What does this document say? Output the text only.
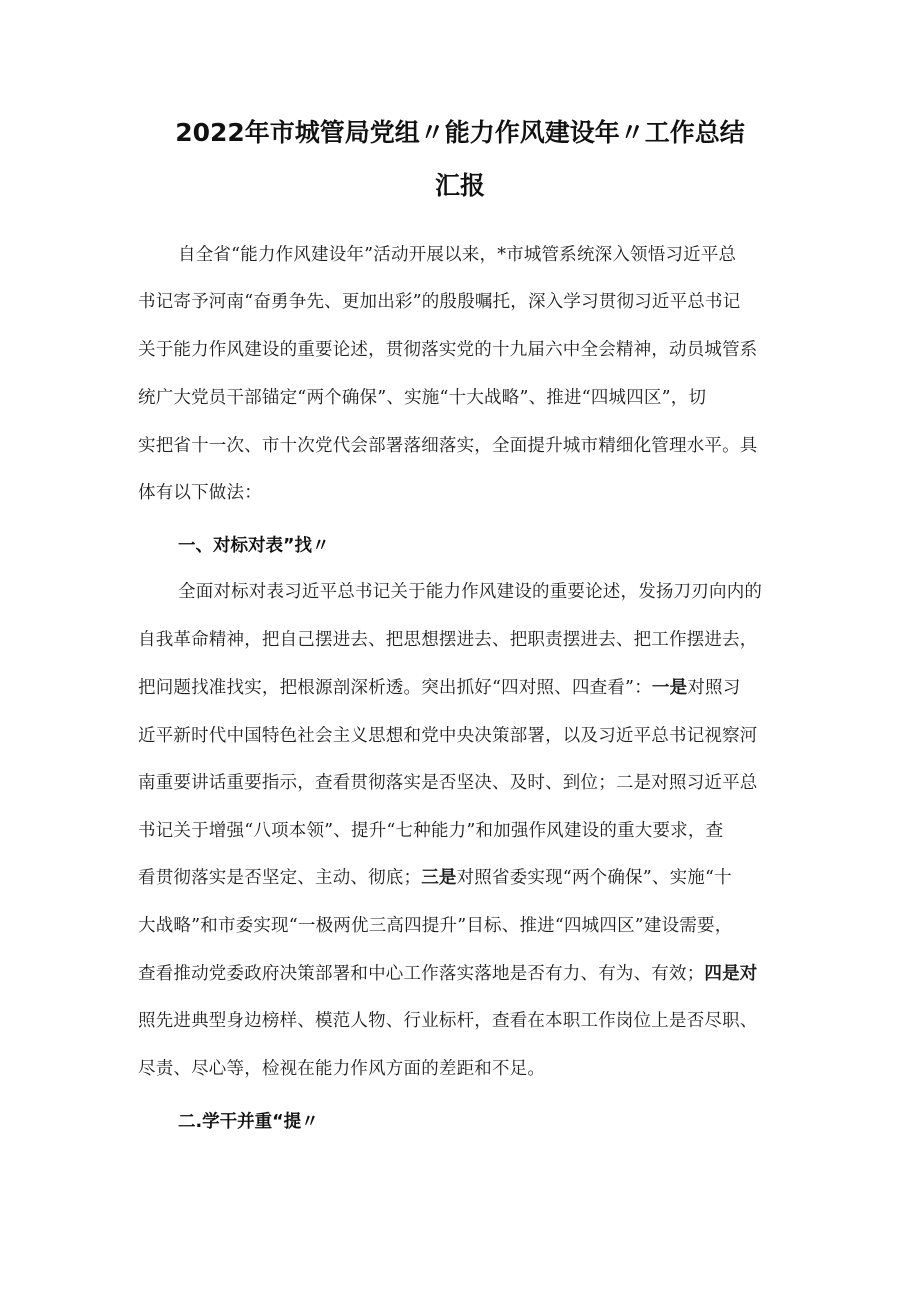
2022年市城管局党组〃能力作风建设年〃工作总结
汇报
自全省“能力作风建设年”活动开展以来，*市城管系统深入领悟习近平总
书记寄予河南“奋勇争先、更加出彩”的殷殷嘱托，深入学习贯彻习近平总书记
关于能力作风建设的重要论述，贯彻落实党的十九届六中全会精神，动员城管系
统广大党员干部锚定“两个确保”、实施“十大战略”、推进“四城四区”，切
实把省十一次、市十次党代会部署落细落实，全面提升城市精细化管理水平。具
体有以下做法：
一、对标对表”找〃
全面对标对表习近平总书记关于能力作风建设的重要论述，发扬刀刃向内的
自我革命精神，把自己摆进去、把思想摆进去、把职责摆进去、把工作摆进去，
把问题找准找实，把根源剖深析透。突出抓好“四对照、四查看”：一是对照习
近平新时代中国特色社会主义思想和党中央决策部署，以及习近平总书记视察河
南重要讲话重要指示，查看贯彻落实是否坚决、及时、到位；二是对照习近平总
书记关于增强“八项本领”、提升“七种能力”和加强作风建设的重大要求，查
看贯彻落实是否坚定、主动、彻底；三是对照省委实现“两个确保”、实施“十
大战略”和市委实现“一极两优三高四提升”目标、推进“四城四区”建设需要，
查看推动党委政府决策部署和中心工作落实落地是否有力、有为、有效；四是对
照先进典型身边榜样、模范人物、行业标杆，查看在本职工作岗位上是否尽职、
尽责、尽心等，检视在能力作风方面的差距和不足。
二.学干并重“提〃
